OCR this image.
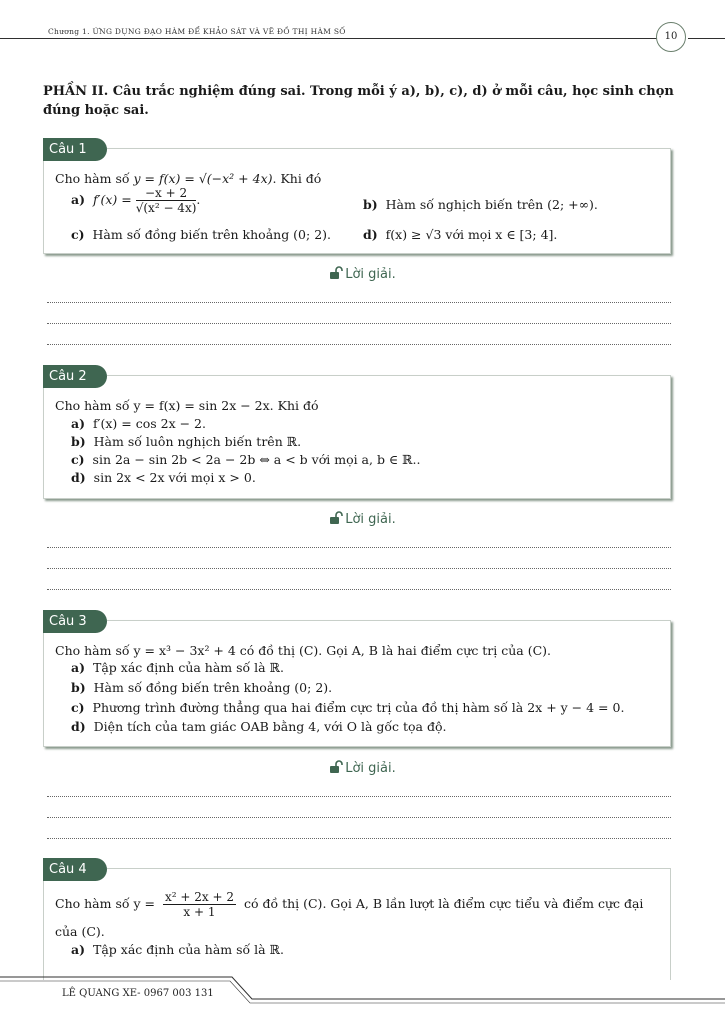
Chương 1. ỨNG DỤNG ĐẠO HÀM ĐỂ KHẢO SÁT VÀ VẼ ĐỒ THỊ HÀM SỐ	10
PHẦN II. Câu trắc nghiệm đúng sai. Trong mỗi ý a), b), c), d) ở mỗi câu, học sinh chọn đúng hoặc sai.
Câu 1
Cho hàm số y = f(x) = √(−x² + 4x). Khi đó
a) $f'(x) = \frac{-x + 2}{\text{√(x² − 4x)}}$ .	b) Hàm số nghịch biến trên (2; +∞).
c) Hàm số đồng biến trên khoảng (0; 2).	d) f(x) ≥ √3 với mọi x ∈ [3; 4].
Lời giải.
Câu 2
Cho hàm số y = f(x) = sin 2x − 2x. Khi đó
a) f′(x) = cos 2x − 2.
b) Hàm số luôn nghịch biến trên ℝ.
c) sin 2a − sin 2b < 2a − 2b ⇔ a < b với mọi a, b ∈ ℝ..
d) sin 2x < 2x với mọi x > 0.
Lời giải.
Câu 3
Cho hàm số y = x³ − 3x² + 4 có đồ thị (C). Gọi A, B là hai điểm cực trị của (C).
a) Tập xác định của hàm số là ℝ.
b) Hàm số đồng biến trên khoảng (0; 2).
c) Phương trình đường thẳng qua hai điểm cực trị của đồ thị hàm số là 2x + y − 4 = 0.
d) Diện tích của tam giác OAB bằng 4, với O là gốc tọa độ.
Lời giải.
Câu 4
Cho hàm số $y = \frac{\text{x² + 2x + 2}}{x + 1}$ có đồ thị (C). Gọi A, B lần lượt là điểm cực tiểu và điểm cực đại
của (C).
a) Tập xác định của hàm số là ℝ.
LÊ QUANG XE- 0967 003 131
